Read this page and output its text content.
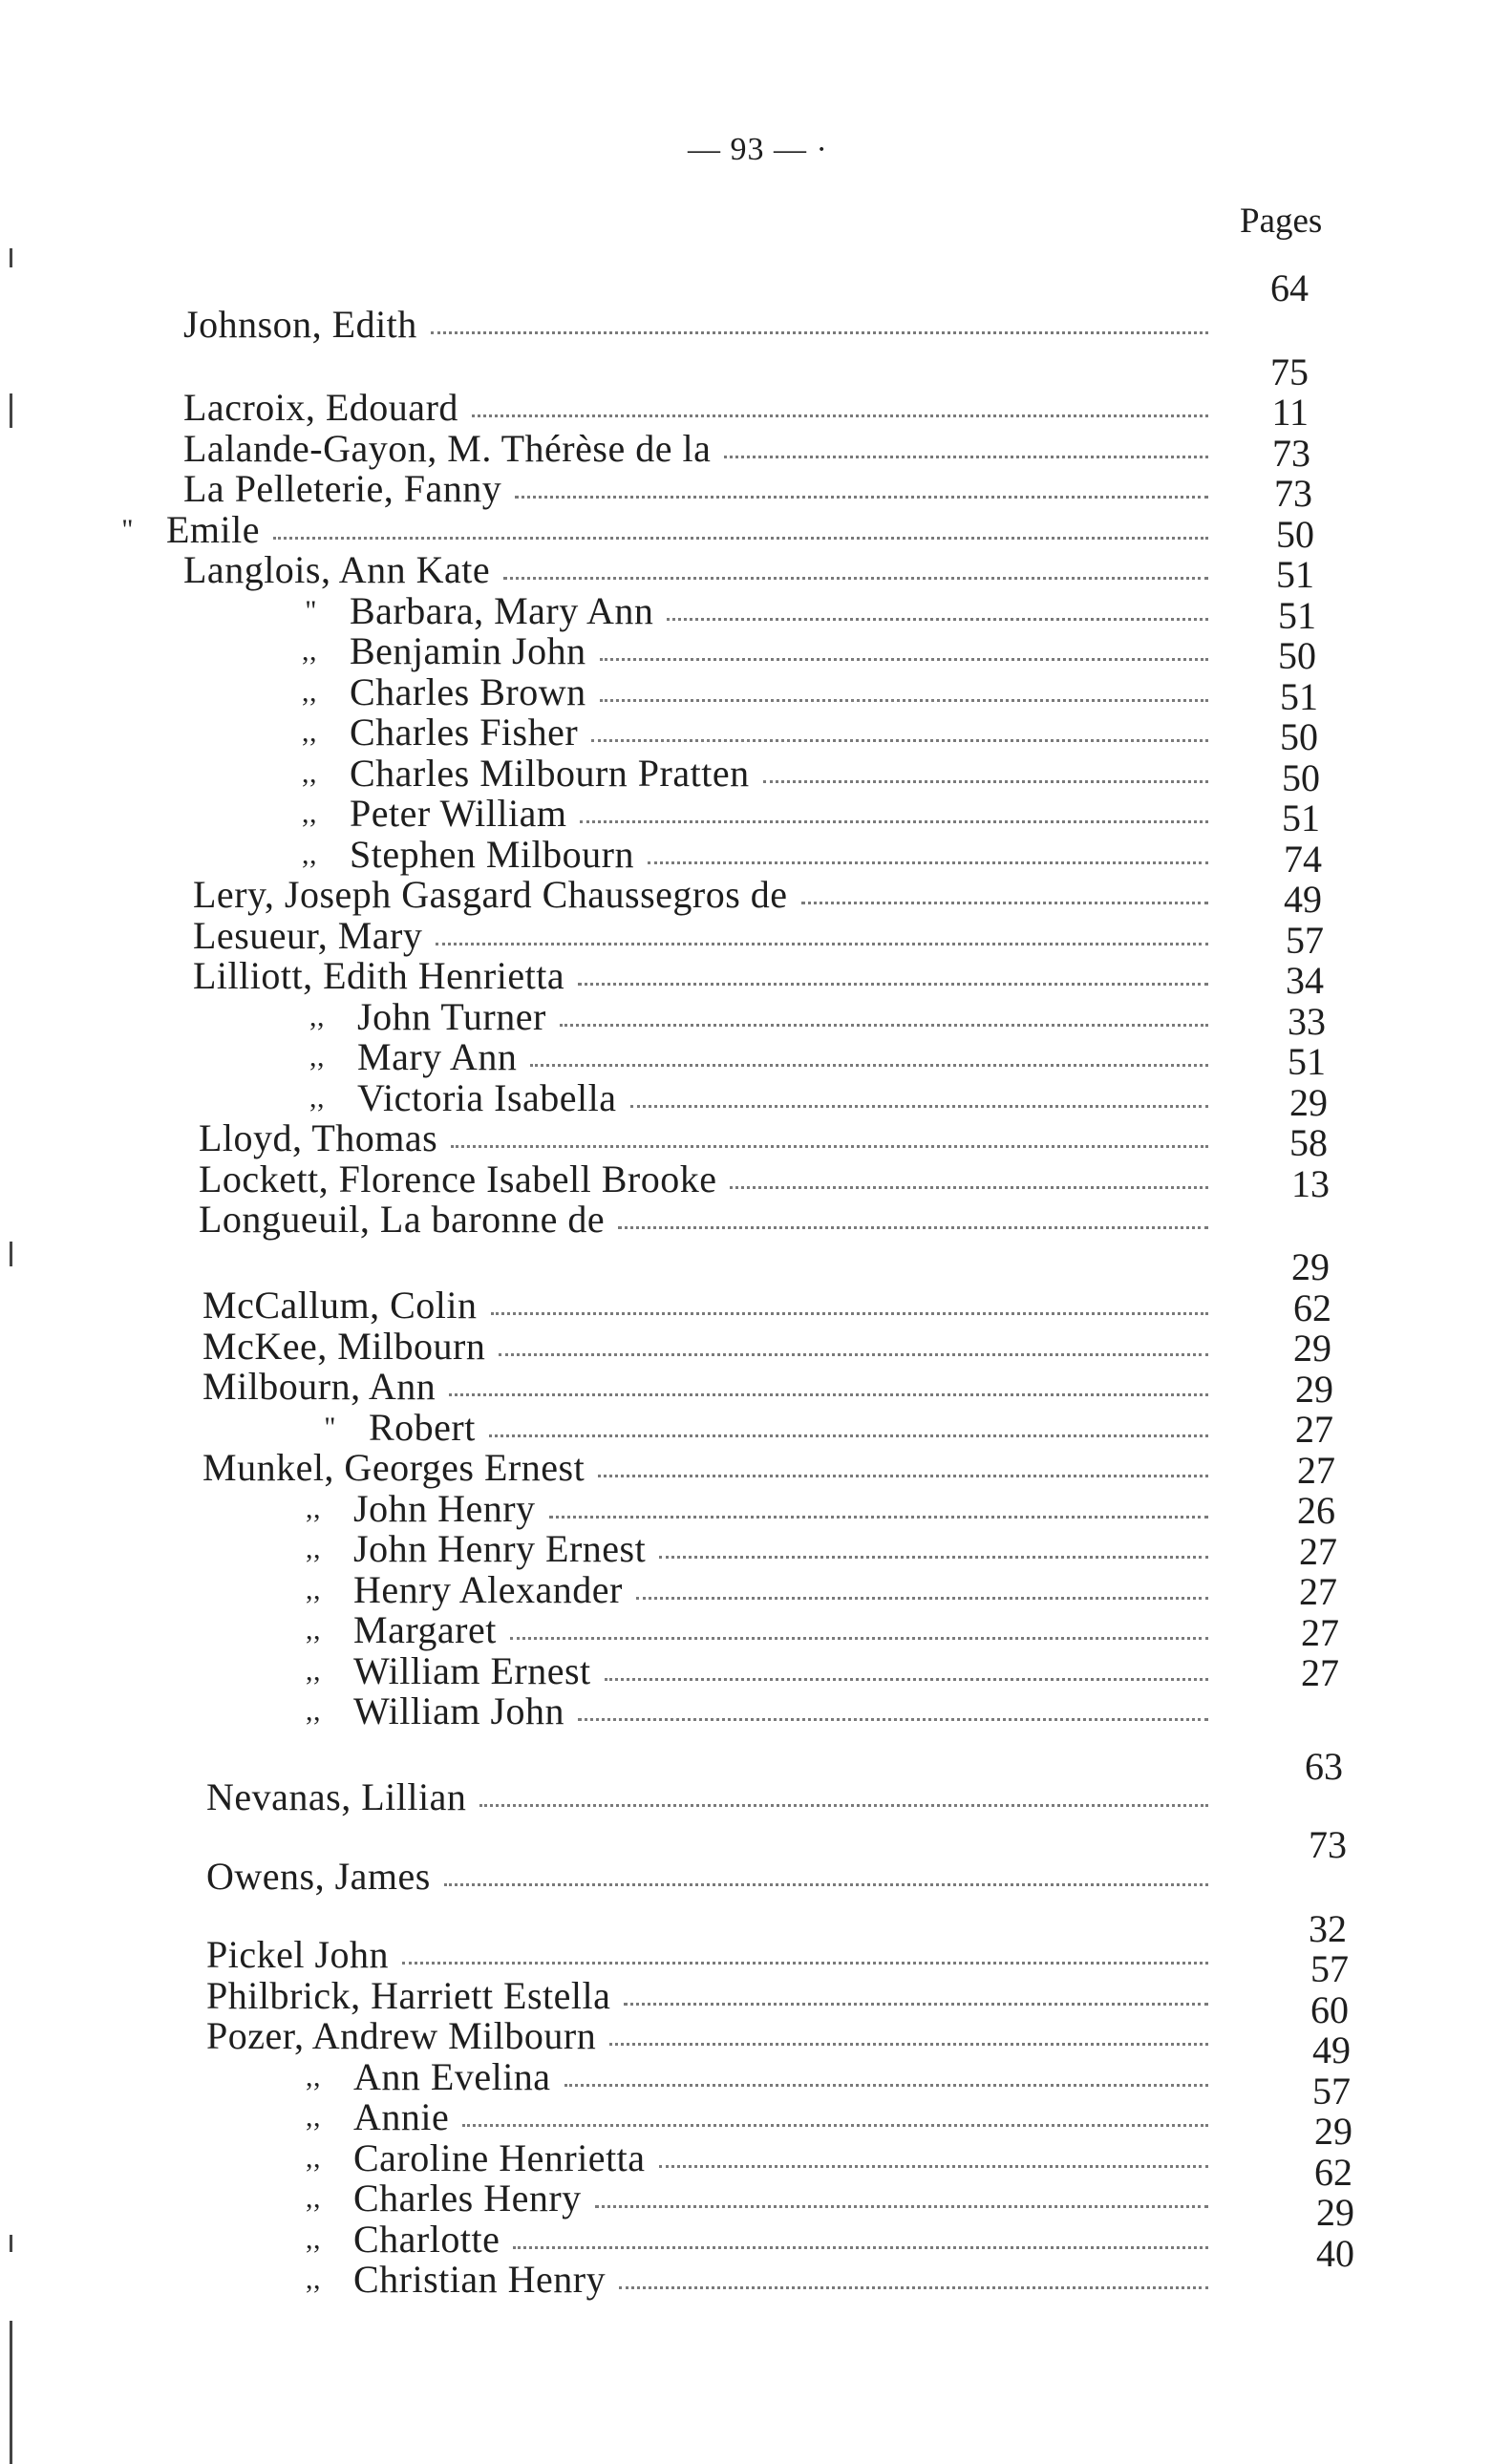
— 93 — ·
Pages
Johnson, Edith
Lacroix, Edouard
Lalande-Gayon, M. Thérèse de la
La Pelleterie, Fanny
" Emile
Langlois, Ann Kate
" Barbara, Mary Ann
,, Benjamin John
,, Charles Brown
,, Charles Fisher
,, Charles Milbourn Pratten
,, Peter William
,, Stephen Milbourn
Lery, Joseph Gasgard Chaussegros de
Lesueur, Mary
Lilliott, Edith Henrietta
,, John Turner
,, Mary Ann
,, Victoria Isabella
Lloyd, Thomas
Lockett, Florence Isabell Brooke
Longueuil, La baronne de
McCallum, Colin
McKee, Milbourn
Milbourn, Ann
" Robert
Munkel, Georges Ernest
,, John Henry
,, John Henry Ernest
,, Henry Alexander
,, Margaret
,, William Ernest
,, William John
Nevanas, Lillian
Owens, James
Pickel John
Philbrick, Harriett Estella
Pozer, Andrew Milbourn
,, Ann Evelina
,, Annie
,, Caroline Henrietta
,, Charles Henry
,, Charlotte
,, Christian Henry
64
75
11
73
73
50
51
51
50
51
50
50
51
74
49
57
34
33
51
29
58
13
29
62
29
29
27
27
26
27
27
27
27
63
73
32
57
60
49
57
29
62
29
40
